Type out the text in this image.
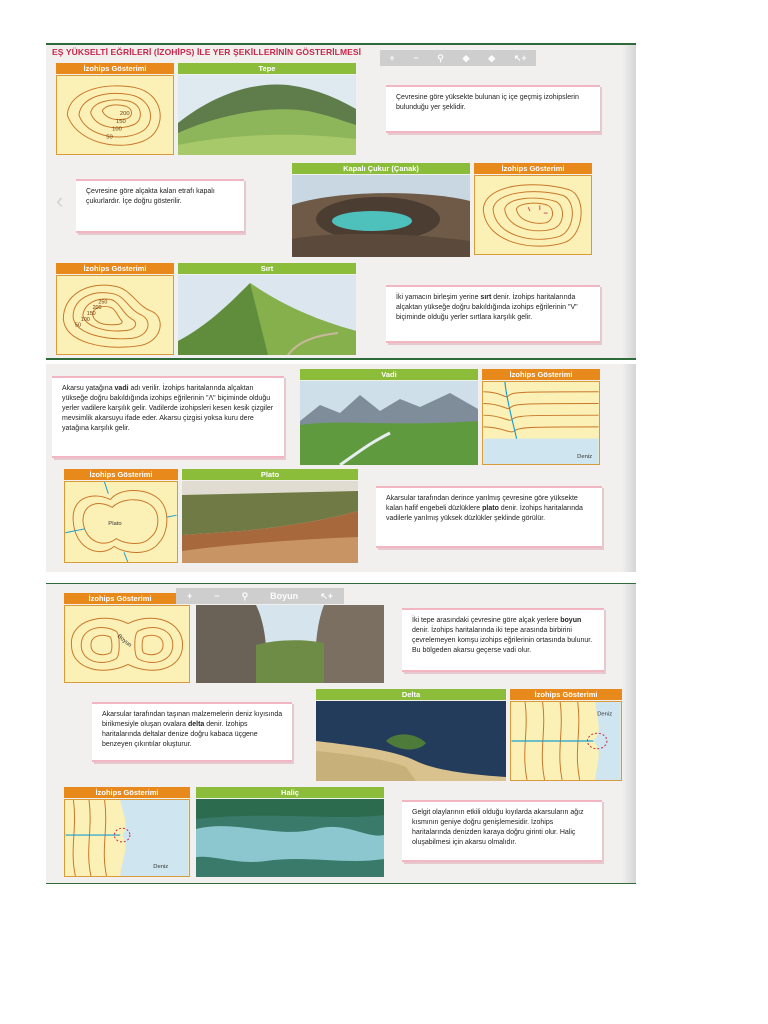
EŞ YÜKSELTİ EĞRİLERİ (İZOHİPS) İLE YER ŞEKİLLERİNİN GÖSTERİLMESİ
+ − ⚲ ◆ ◆ ↖+
İzohips Gösterimi	Tepe
200
150
100
50
Çevresine göre yüksekte bulunan iç içe geçmiş izohipslerin bulunduğu yer şeklidir.
Çevresine göre alçakta kalan etrafı kapalı çukurlardır. İçe doğru gösterilir.
Kapalı Çukur (Çanak)	İzohips Gösterimi
İzohips Gösterimi	Sırt
250
200
150
100
50
İki yamacın birleşim yerine sırt denir. İzohips haritalarında alçaktan yükseğe doğru bakıldığında izohips eğrilerinin "V" biçiminde olduğu yerler sırtlara karşılık gelir.
‹
Akarsu yatağına vadi adı verilir. İzohips haritalarında alçaktan yükseğe doğru bakıldığında izohips eğrilerinin "Λ" biçiminde olduğu yerler vadilere karşılık gelir. Vadilerde izohipsleri kesen kesik çizgiler mevsimlik akarsuyu ifade eder. Akarsu çizgisi yoksa kuru dere yatağına karşılık gelir.
Vadi	İzohips Gösterimi
Deniz
İzohips Gösterimi	Plato
Plato
Akarsular tarafından derince yarılmış çevresine göre yüksekte kalan hafif engebeli düzlüklere plato denir. İzohips haritalarında vadilerle yarılmış yüksek düzlükler şeklinde görülür.
+ − ⚲ Boyun ↖+
İzohips Gösterimi
Boyun
İki tepe arasındaki çevresine göre alçak yerlere boyun denir. İzohips haritalarında iki tepe arasında birbirini çevrelemeyen komşu izohips eğrilerinin ortasında bulunur. Bu bölgeden akarsu geçerse vadi olur.
Akarsular tarafından taşınan malzemelerin deniz kıyısında birikmesiyle oluşan ovalara delta denir. İzohips haritalarında deltalar denize doğru kabaca üçgene benzeyen çıkıntılar oluşturur.
Delta	İzohips Gösterimi
Deniz
İzohips Gösterimi	Haliç
Deniz
Gelgit olaylarının etkili olduğu kıyılarda akarsuların ağız kısmının geniye doğru genişlemesidir. İzohips haritalarında denizden karaya doğru girinti olur. Haliç oluşabilmesi için akarsu olmalıdır.
